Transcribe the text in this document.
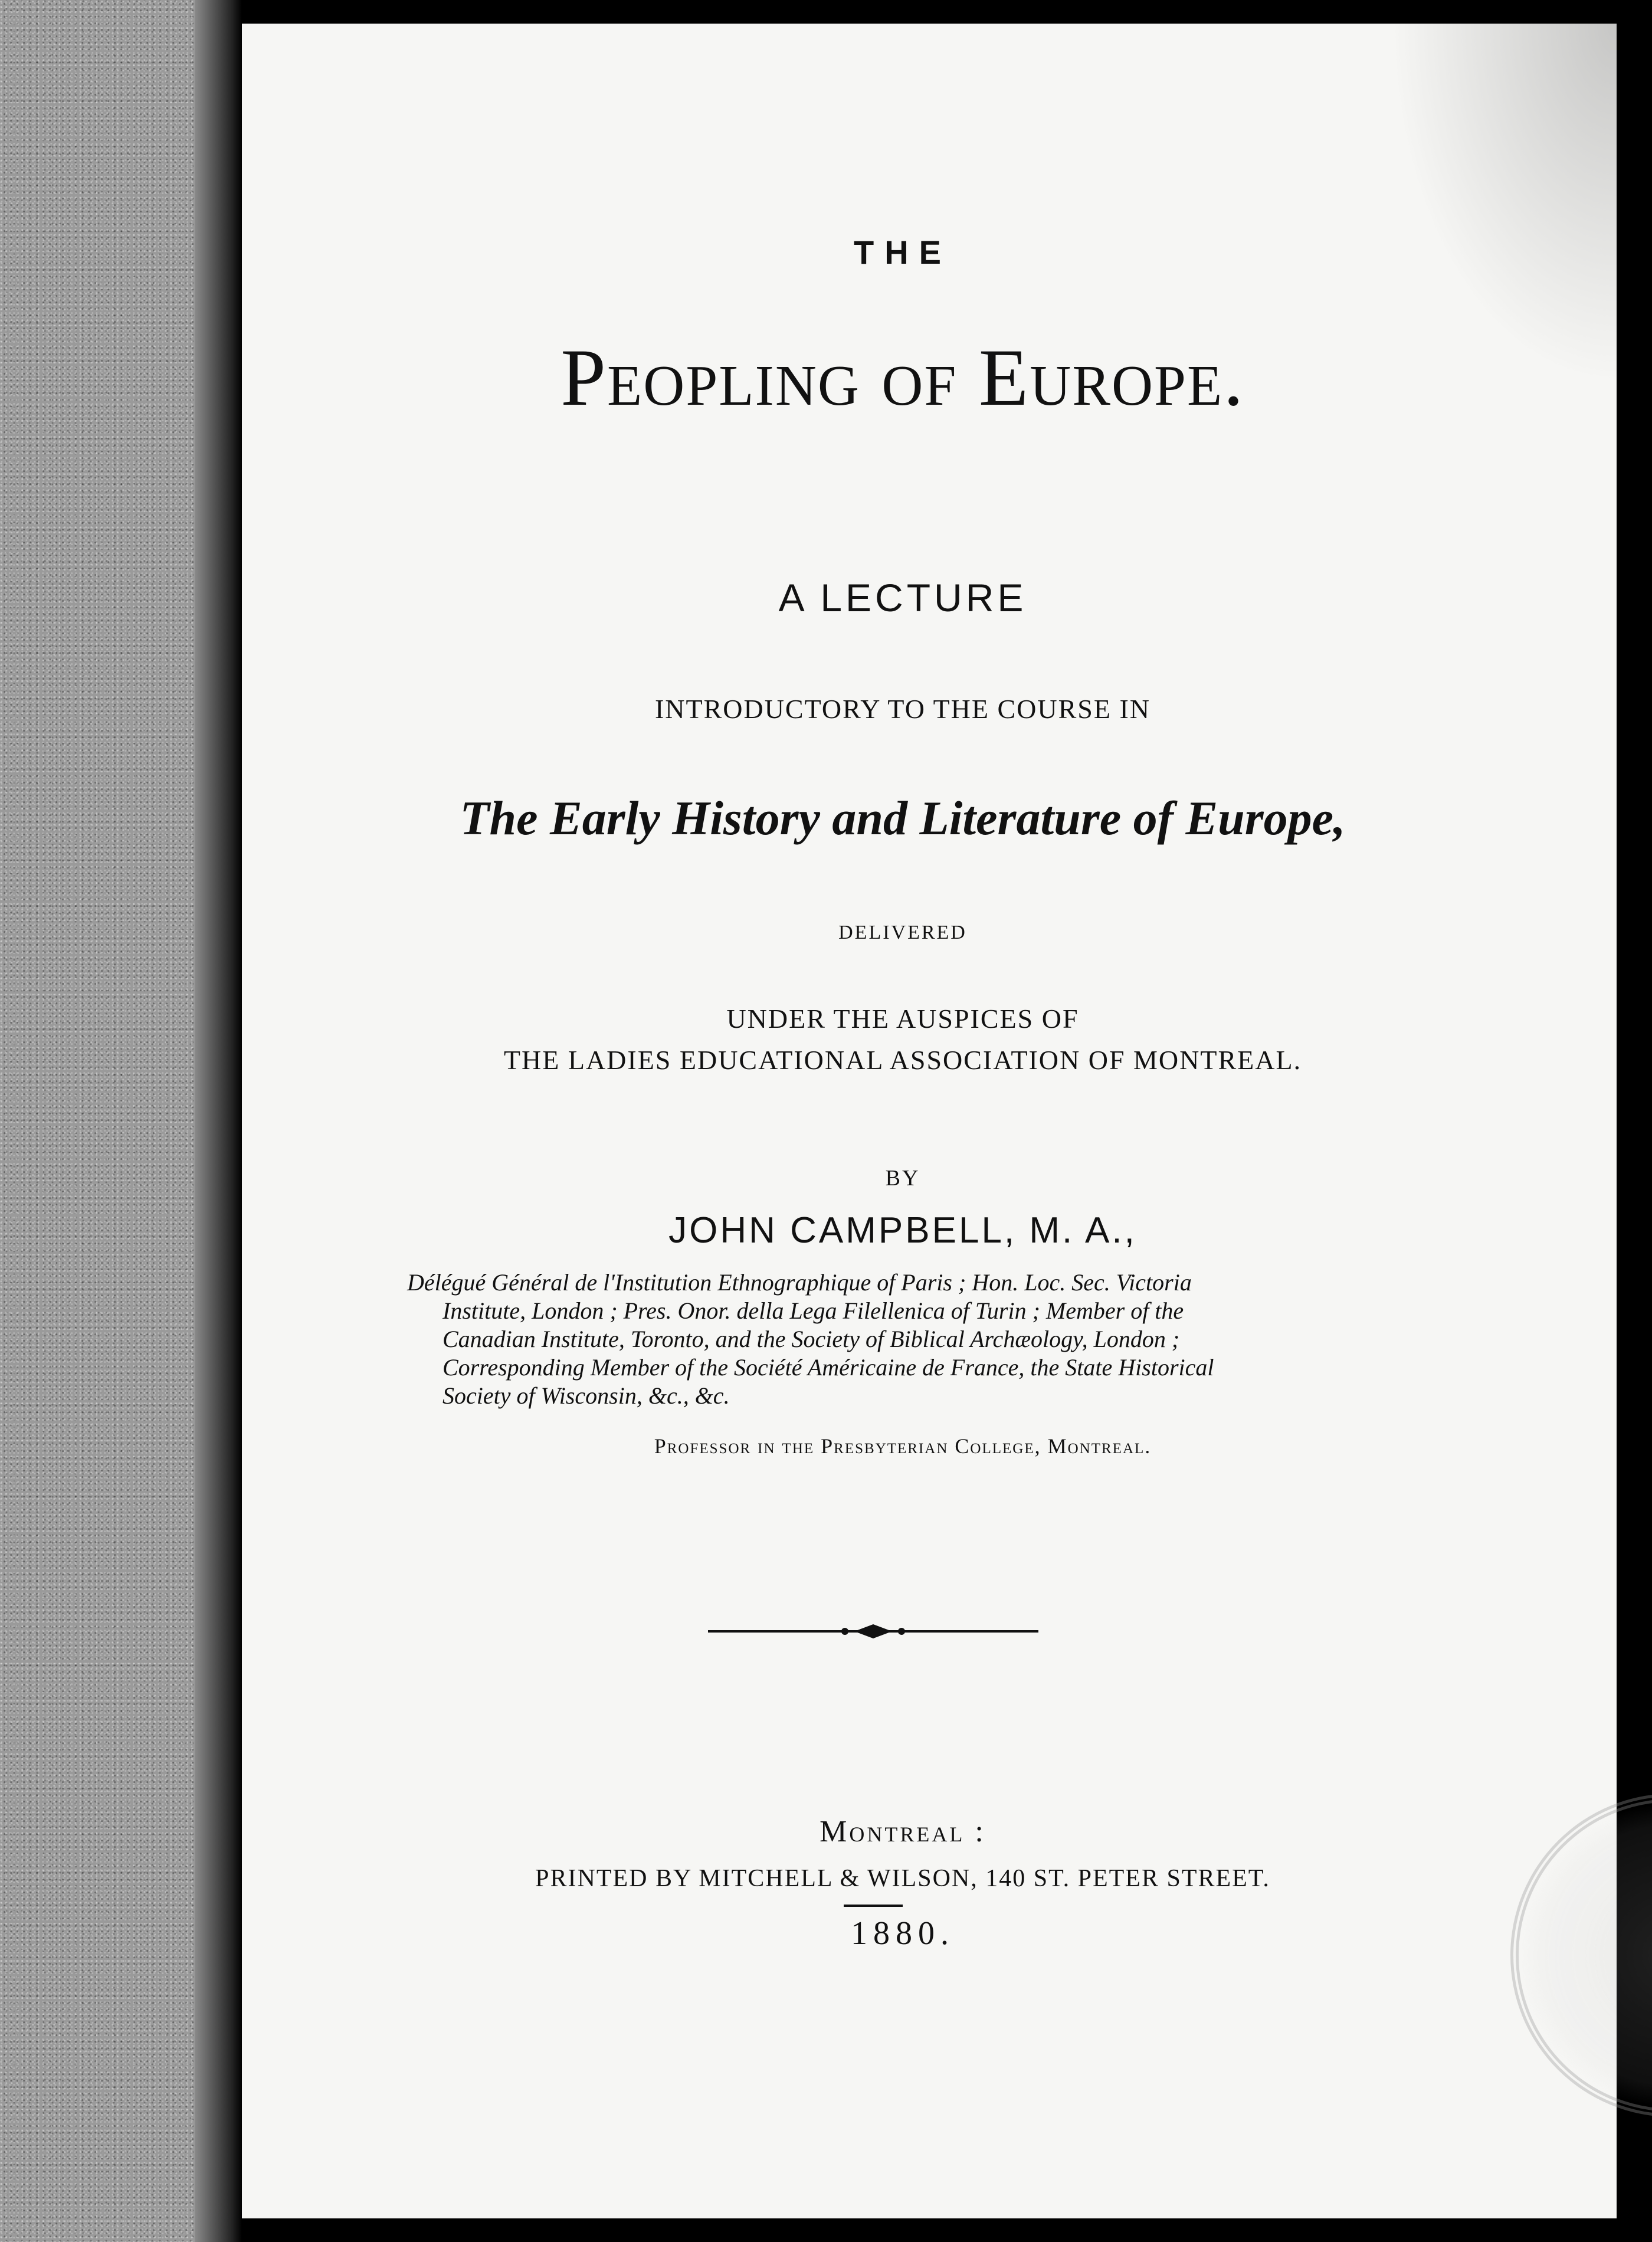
THE
Peopling of Europe.
A LECTURE
INTRODUCTORY TO THE COURSE IN
The Early History and Literature of Europe,
DELIVERED
UNDER THE AUSPICES OF
THE LADIES EDUCATIONAL ASSOCIATION OF MONTREAL.
BY
JOHN CAMPBELL, M. A.,
Délégué Général de l'Institution Ethnographique of Paris ; Hon. Loc. Sec. Victoria
Institute, London ; Pres. Onor. della Lega Filellenica of Turin ; Member of the
Canadian Institute, Toronto, and the Society of Biblical Archæology, London ;
Corresponding Member of the Société Américaine de France, the State Historical
Society of Wisconsin, &c., &c.
Professor in the Presbyterian College, Montreal.
Montreal :
PRINTED BY MITCHELL & WILSON, 140 ST. PETER STREET.
1880.
